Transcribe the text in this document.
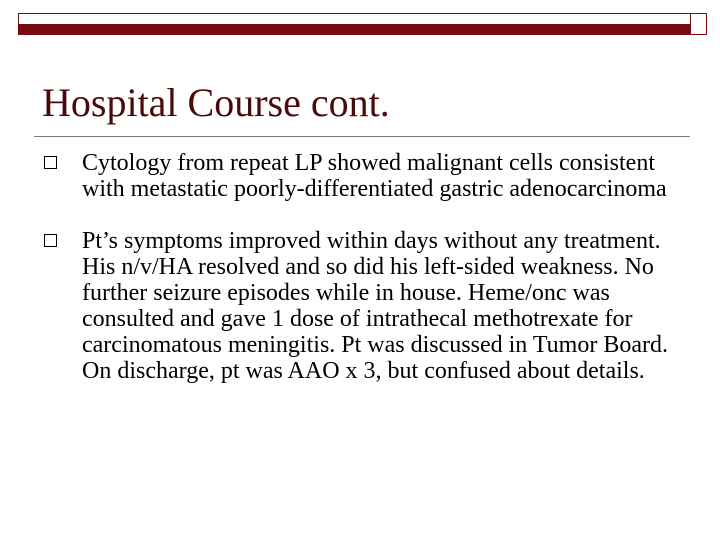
Hospital Course cont.
Cytology from repeat LP showed malignant cells consistent with metastatic poorly-differentiated gastric adenocarcinoma
Pt’s symptoms improved within days without any treatment. His n/v/HA resolved and so did his left-sided weakness. No further seizure episodes while in house. Heme/onc was consulted and gave 1 dose of intrathecal methotrexate for carcinomatous meningitis. Pt was discussed in Tumor Board. On discharge, pt was AAO x 3, but confused about details.
